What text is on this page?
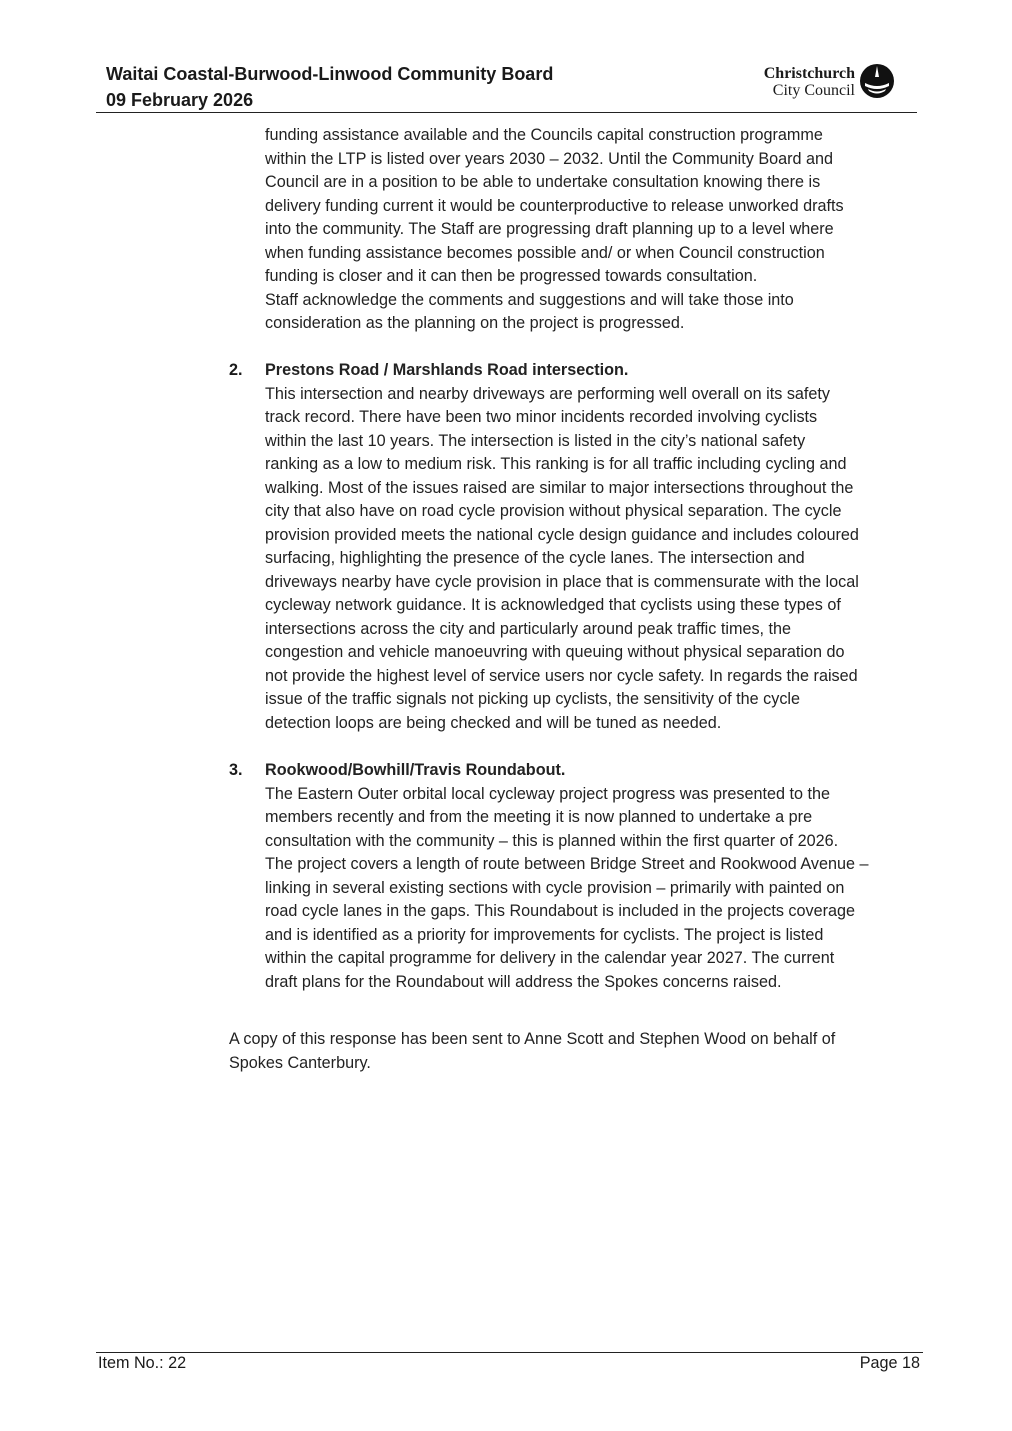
Waitai Coastal-Burwood-Linwood Community Board
09 February 2026
Christchurch
City Council
funding assistance available and the Councils capital construction programme
within the LTP is listed over years 2030 – 2032. Until the Community Board and
Council are in a position to be able to undertake consultation knowing there is
delivery funding current it would be counterproductive to release unworked drafts
into the community. The Staff are progressing draft planning up to a level where
when funding assistance becomes possible and/ or when Council construction
funding is closer and it can then be progressed towards consultation.
Staff acknowledge the comments and suggestions and will take those into
consideration as the planning on the project is progressed.
2. Prestons Road / Marshlands Road intersection.
This intersection and nearby driveways are performing well overall on its safety
track record. There have been two minor incidents recorded involving cyclists
within the last 10 years. The intersection is listed in the city’s national safety
ranking as a low to medium risk. This ranking is for all traffic including cycling and
walking. Most of the issues raised are similar to major intersections throughout the
city that also have on road cycle provision without physical separation. The cycle
provision provided meets the national cycle design guidance and includes coloured
surfacing, highlighting the presence of the cycle lanes. The intersection and
driveways nearby have cycle provision in place that is commensurate with the local
cycleway network guidance. It is acknowledged that cyclists using these types of
intersections across the city and particularly around peak traffic times, the
congestion and vehicle manoeuvring with queuing without physical separation do
not provide the highest level of service users nor cycle safety. In regards the raised
issue of the traffic signals not picking up cyclists, the sensitivity of the cycle
detection loops are being checked and will be tuned as needed.
3. Rookwood/Bowhill/Travis Roundabout.
The Eastern Outer orbital local cycleway project progress was presented to the
members recently and from the meeting it is now planned to undertake a pre
consultation with the community – this is planned within the first quarter of 2026.
The project covers a length of route between Bridge Street and Rookwood Avenue –
linking in several existing sections with cycle provision – primarily with painted on
road cycle lanes in the gaps. This Roundabout is included in the projects coverage
and is identified as a priority for improvements for cyclists. The project is listed
within the capital programme for delivery in the calendar year 2027. The current
draft plans for the Roundabout will address the Spokes concerns raised.
A copy of this response has been sent to Anne Scott and Stephen Wood on behalf of
Spokes Canterbury.
Item No.: 22	Page 18
